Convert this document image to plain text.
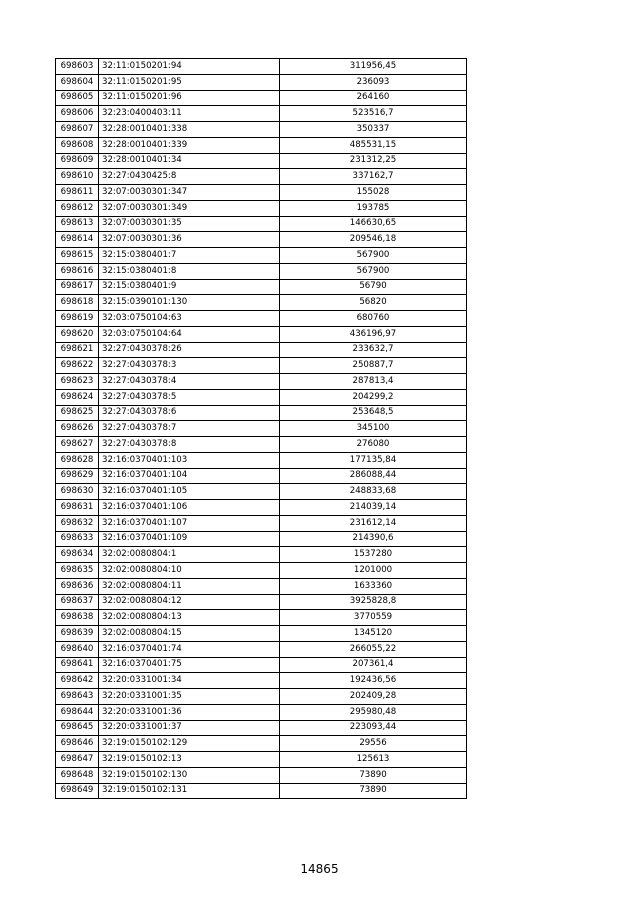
698603	32:11:0150201:94	311956,45
698604	32:11:0150201:95	236093
698605	32:11:0150201:96	264160
698606	32:23:0400403:11	523516,7
698607	32:28:0010401:338	350337
698608	32:28:0010401:339	485531,15
698609	32:28:0010401:34	231312,25
698610	32:27:0430425:8	337162,7
698611	32:07:0030301:347	155028
698612	32:07:0030301:349	193785
698613	32:07:0030301:35	146630,65
698614	32:07:0030301:36	209546,18
698615	32:15:0380401:7	567900
698616	32:15:0380401:8	567900
698617	32:15:0380401:9	56790
698618	32:15:0390101:130	56820
698619	32:03:0750104:63	680760
698620	32:03:0750104:64	436196,97
698621	32:27:0430378:26	233632,7
698622	32:27:0430378:3	250887,7
698623	32:27:0430378:4	287813,4
698624	32:27:0430378:5	204299,2
698625	32:27:0430378:6	253648,5
698626	32:27:0430378:7	345100
698627	32:27:0430378:8	276080
698628	32:16:0370401:103	177135,84
698629	32:16:0370401:104	286088,44
698630	32:16:0370401:105	248833,68
698631	32:16:0370401:106	214039,14
698632	32:16:0370401:107	231612,14
698633	32:16:0370401:109	214390,6
698634	32:02:0080804:1	1537280
698635	32:02:0080804:10	1201000
698636	32:02:0080804:11	1633360
698637	32:02:0080804:12	3925828,8
698638	32:02:0080804:13	3770559
698639	32:02:0080804:15	1345120
698640	32:16:0370401:74	266055,22
698641	32:16:0370401:75	207361,4
698642	32:20:0331001:34	192436,56
698643	32:20:0331001:35	202409,28
698644	32:20:0331001:36	295980,48
698645	32:20:0331001:37	223093,44
698646	32:19:0150102:129	29556
698647	32:19:0150102:13	125613
698648	32:19:0150102:130	73890
698649	32:19:0150102:131	73890
14865
